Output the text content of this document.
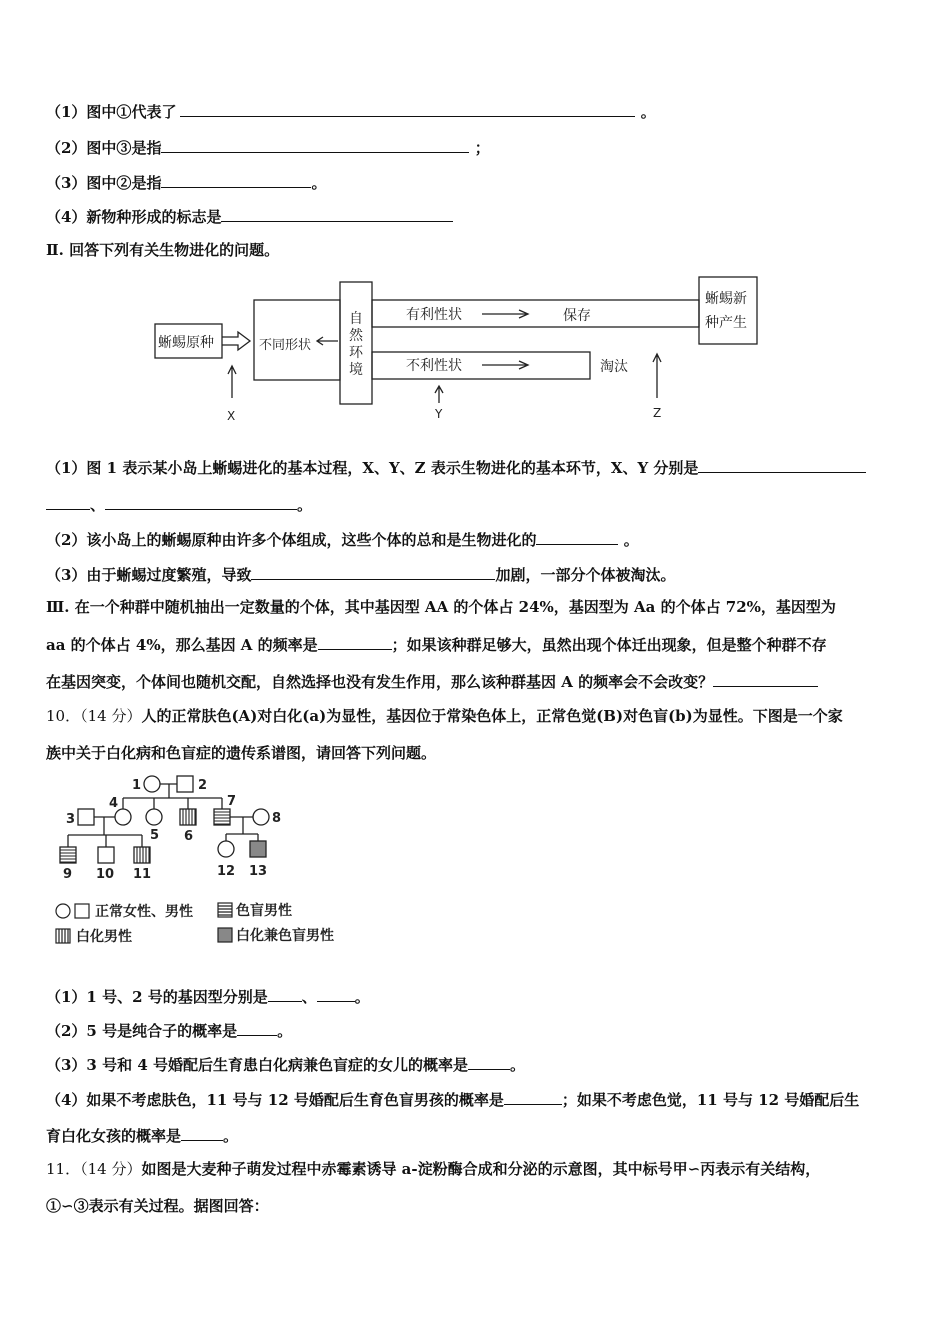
（1）图中①代表了	。
（2）图中③是指	；
（3）图中②是指	。
（4）新物种形成的标志是
Ⅱ. 回答下列有关生物进化的问题。
蜥蜴原种	不同形状
自
然
环
境
有利性状	保存
不利性状	淘汰
蜥蜴新
种产生
X	Y	Z
（1）图 1 表示某小岛上蜥蜴进化的基本过程，X、Y、Z 表示生物进化的基本环节，X、Y 分别是
、	。
（2）该小岛上的蜥蜴原种由许多个体组成，这些个体的总和是生物进化的	。
（3）由于蜥蜴过度繁殖，导致	加剧，一部分个体被淘汰。
Ⅲ. 在一个种群中随机抽出一定数量的个体，其中基因型 AA 的个体占 24%，基因型为 Aa 的个体占 72%，基因型为
aa 的个体占 4%，那么基因 A 的频率是	；如果该种群足够大，虽然出现个体迁出现象，但是整个种群不存
在基因突变，个体间也随机交配，自然选择也没有发生作用，那么该种群基因 A 的频率会不会改变？
10．（14 分）人的正常肤色(A)对白化(a)为显性，基因位于常染色体上，正常色觉(B)对色盲(b)为显性。下图是一个家
族中关于白化病和色盲症的遗传系谱图，请回答下列问题。
1	2
3
4
5 6
7
8
9 10 11	12 13
正常女性、男性	色盲男性
白化男性	白化兼色盲男性
（1）1 号、2 号的基因型分别是 、	。
（2）5 号是纯合子的概率是	。
（3）3 号和 4 号婚配后生育患白化病兼色盲症的女儿的概率是	。
（4）如果不考虑肤色，11 号与 12 号婚配后生育色盲男孩的概率是	；如果不考虑色觉，11 号与 12 号婚配后生
育白化女孩的概率是	。
11．（14 分）如图是大麦种子萌发过程中赤霉素诱导 a-淀粉酶合成和分泌的示意图，其中标号甲∽丙表示有关结构，
①∽③表示有关过程。据图回答：
